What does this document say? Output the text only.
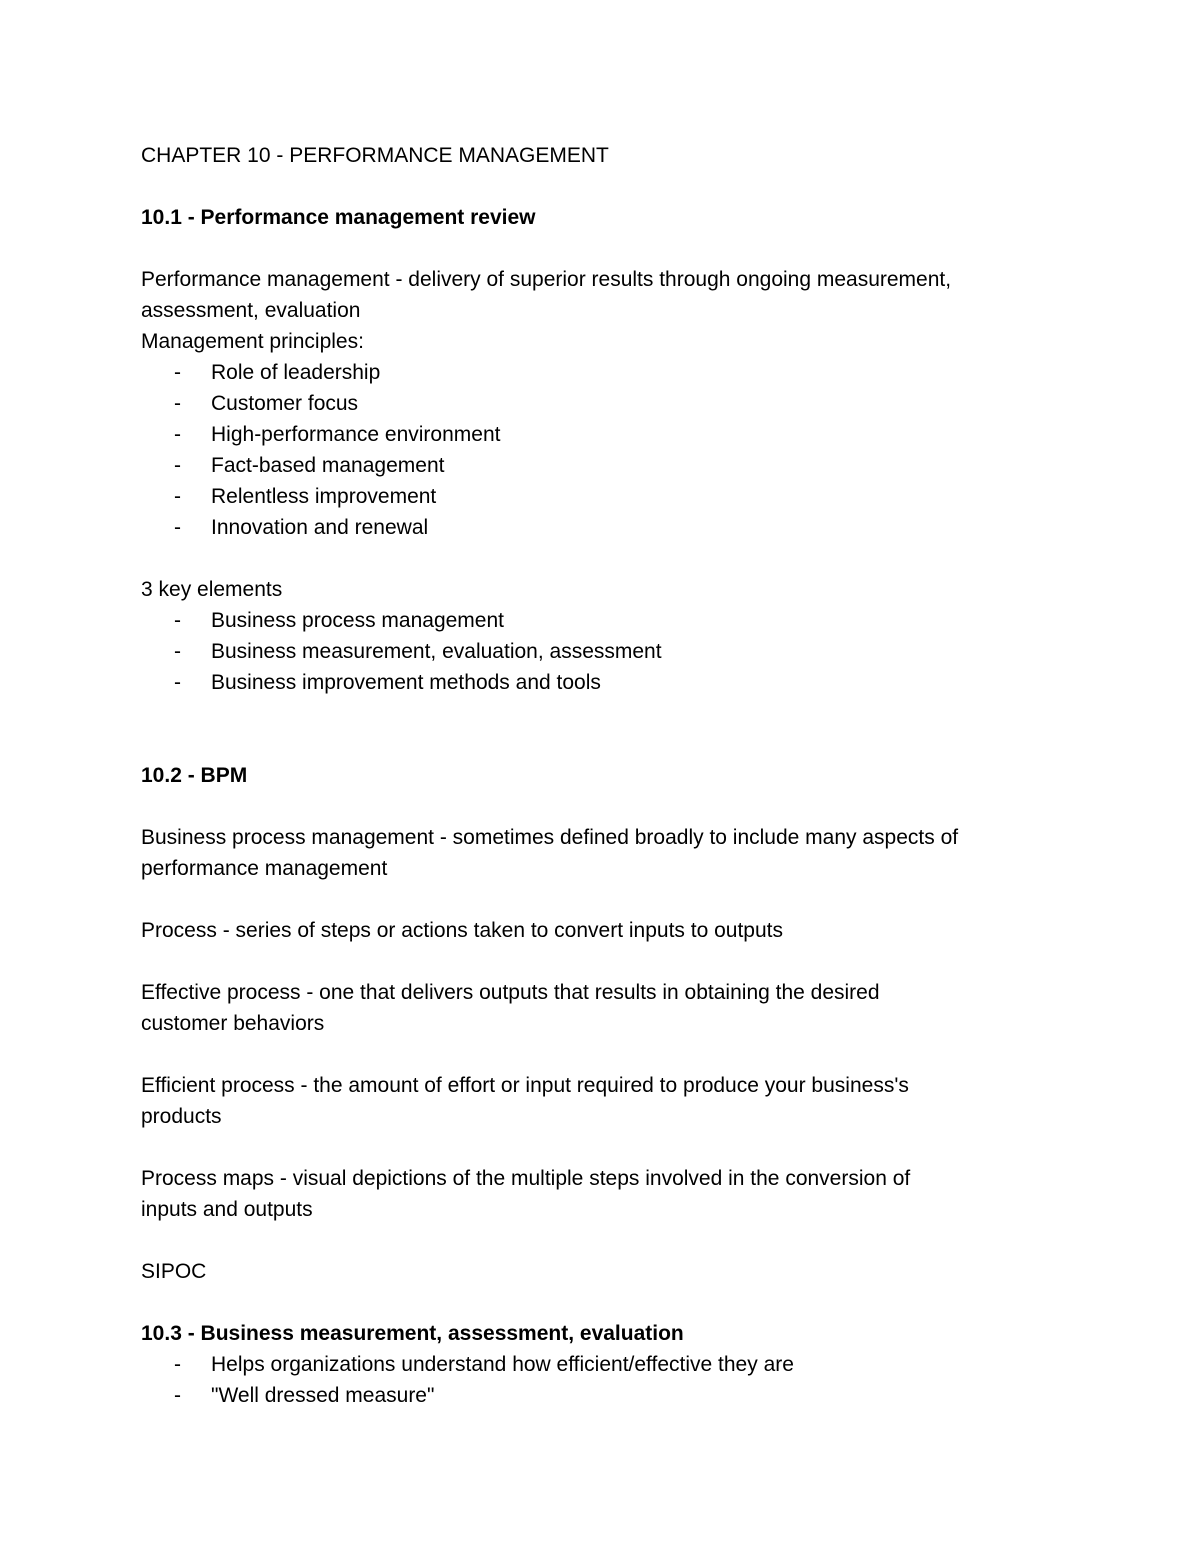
CHAPTER 10 - PERFORMANCE MANAGEMENT

10.1 - Performance management review

Performance management - delivery of superior results through ongoing measurement,

assessment, evaluation

Management principles:

- Role of leadership
- Customer focus
- High-performance environment
- Fact-based management
- Relentless improvement
- Innovation and renewal

3 key elements

- Business process management
- Business measurement, evaluation, assessment
- Business improvement methods and tools

10.2 - BPM

Business process management - sometimes defined broadly to include many aspects of

performance management

Process - series of steps or actions taken to convert inputs to outputs

Effective process - one that delivers outputs that results in obtaining the desired

customer behaviors

Efficient process - the amount of effort or input required to produce your business's

products

Process maps - visual depictions of the multiple steps involved in the conversion of

inputs and outputs

SIPOC

10.3 - Business measurement, assessment, evaluation

- Helps organizations understand how efficient/effective they are
- "Well dressed measure"
